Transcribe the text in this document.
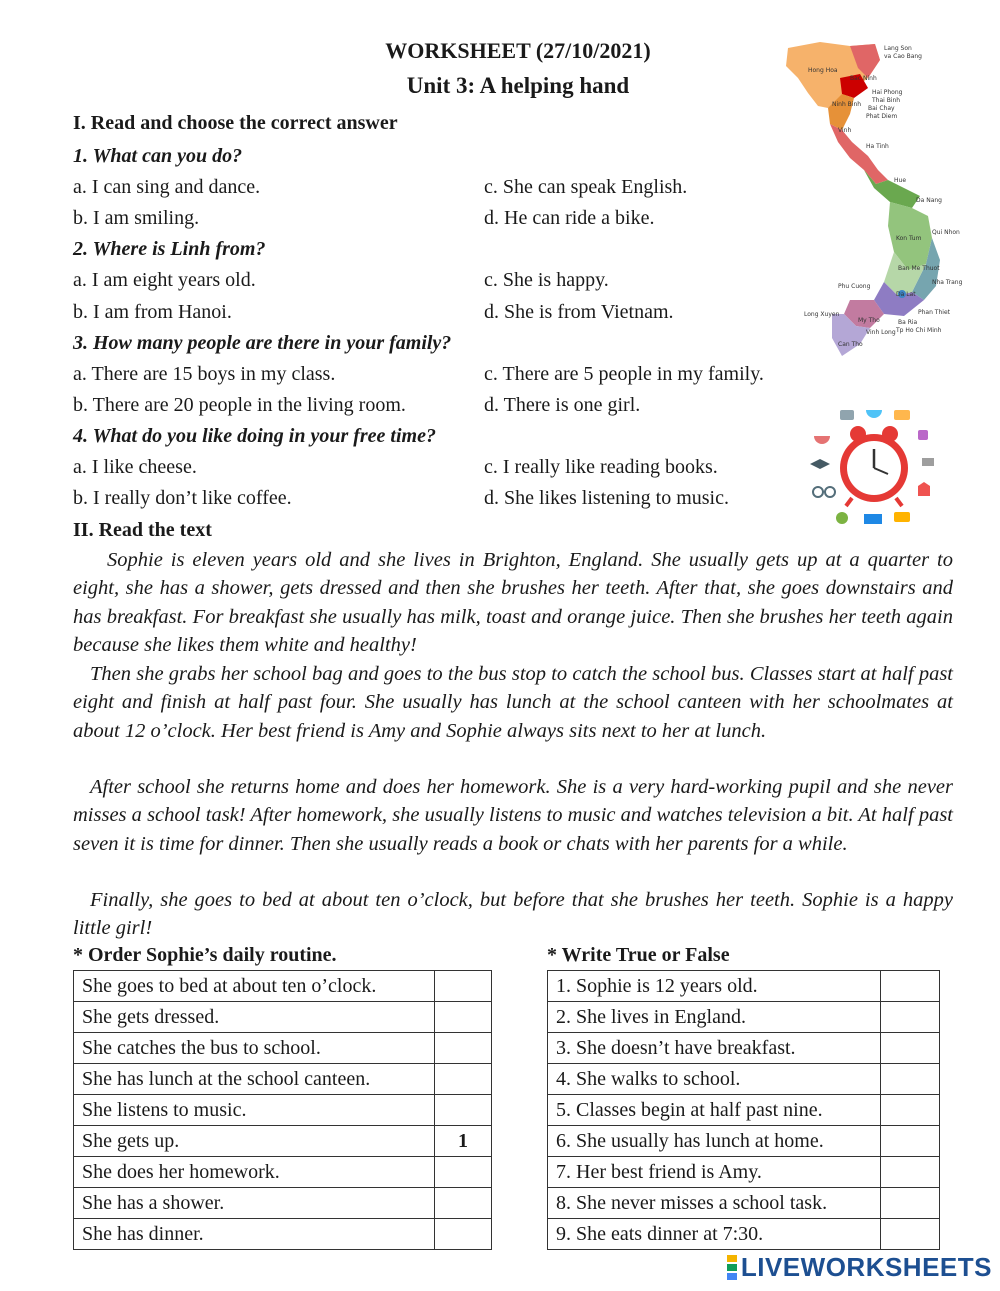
WORKSHEET (27/10/2021)
Unit 3: A helping hand
Lang Son
va Cao Bang
Hong Hoa
Bac Ninh
Hai Phong
Thai Binh
Ninh Binh
Bai Chay
Phat Diem
Vinh
Ha Tinh
Hue
Da Nang
Kon Tum
Qui Nhon
Ban Me Thuot
Nha Trang
Phu Cuong
Da Lat
Phan Thiet
Long Xuyen
My Tho
Vinh Long
Can Tho
Ba Ria
Tp Ho Chi Minh
I. Read and choose the correct answer
1. What can you do?
a. I can sing and dance.	c. She can speak English.
b. I am smiling.	d. He can ride a bike.
2. Where is Linh from?
a. I am eight years old.	c. She is happy.
b. I am from Hanoi.	d. She is from Vietnam.
3. How many people are there in your family?
a. There are 15 boys in my class.	c. There are 5 people in my family.
b. There are 20 people in the living room.	d. There is one girl.
4. What do you like doing in your free time?
a. I like cheese.	c. I really like reading books.
b. I really don’t like coffee.	d. She likes listening to music.
II. Read the text
Sophie is eleven years old and she lives in Brighton, England. She usually gets up at a quarter to eight, she has a shower, gets dressed and then she brushes her teeth. After that, she goes downstairs and has breakfast. For breakfast she usually has milk, toast and orange juice. Then she brushes her teeth again because she likes them white and healthy!
Then she grabs her school bag and goes to the bus stop to catch the school bus. Classes start at half past eight and finish at half past four. She usually has lunch at the school canteen with her schoolmates at about 12 o’clock. Her best friend is Amy and Sophie always sits next to her at lunch.
After school she returns home and does her homework. She is a very hard-working pupil and she never misses a school task! After homework, she usually listens to music and watches television a bit. At half past seven it is time for dinner. Then she usually reads a book or chats with her parents for a while.
Finally, she goes to bed at about ten o’clock, but before that she brushes her teeth. Sophie is a happy little girl!
* Order Sophie’s daily routine.
She goes to bed at about ten o’clock.	
She gets dressed.	
She catches the bus to school.	
She has lunch at the school canteen.	
She listens to music.	
She gets up.	1
She does her homework.	
She has a shower.	
She has dinner.	
* Write True or False
1. Sophie is 12 years old.	
2. She lives in England.	
3. She doesn’t have breakfast.	
4. She walks to school.	
5. Classes begin at half past nine.	
6. She usually has lunch at home.	
7. Her best friend is Amy.	
8. She never misses a school task.	
9. She eats dinner at 7:30.	
LIVEWORKSHEETS
